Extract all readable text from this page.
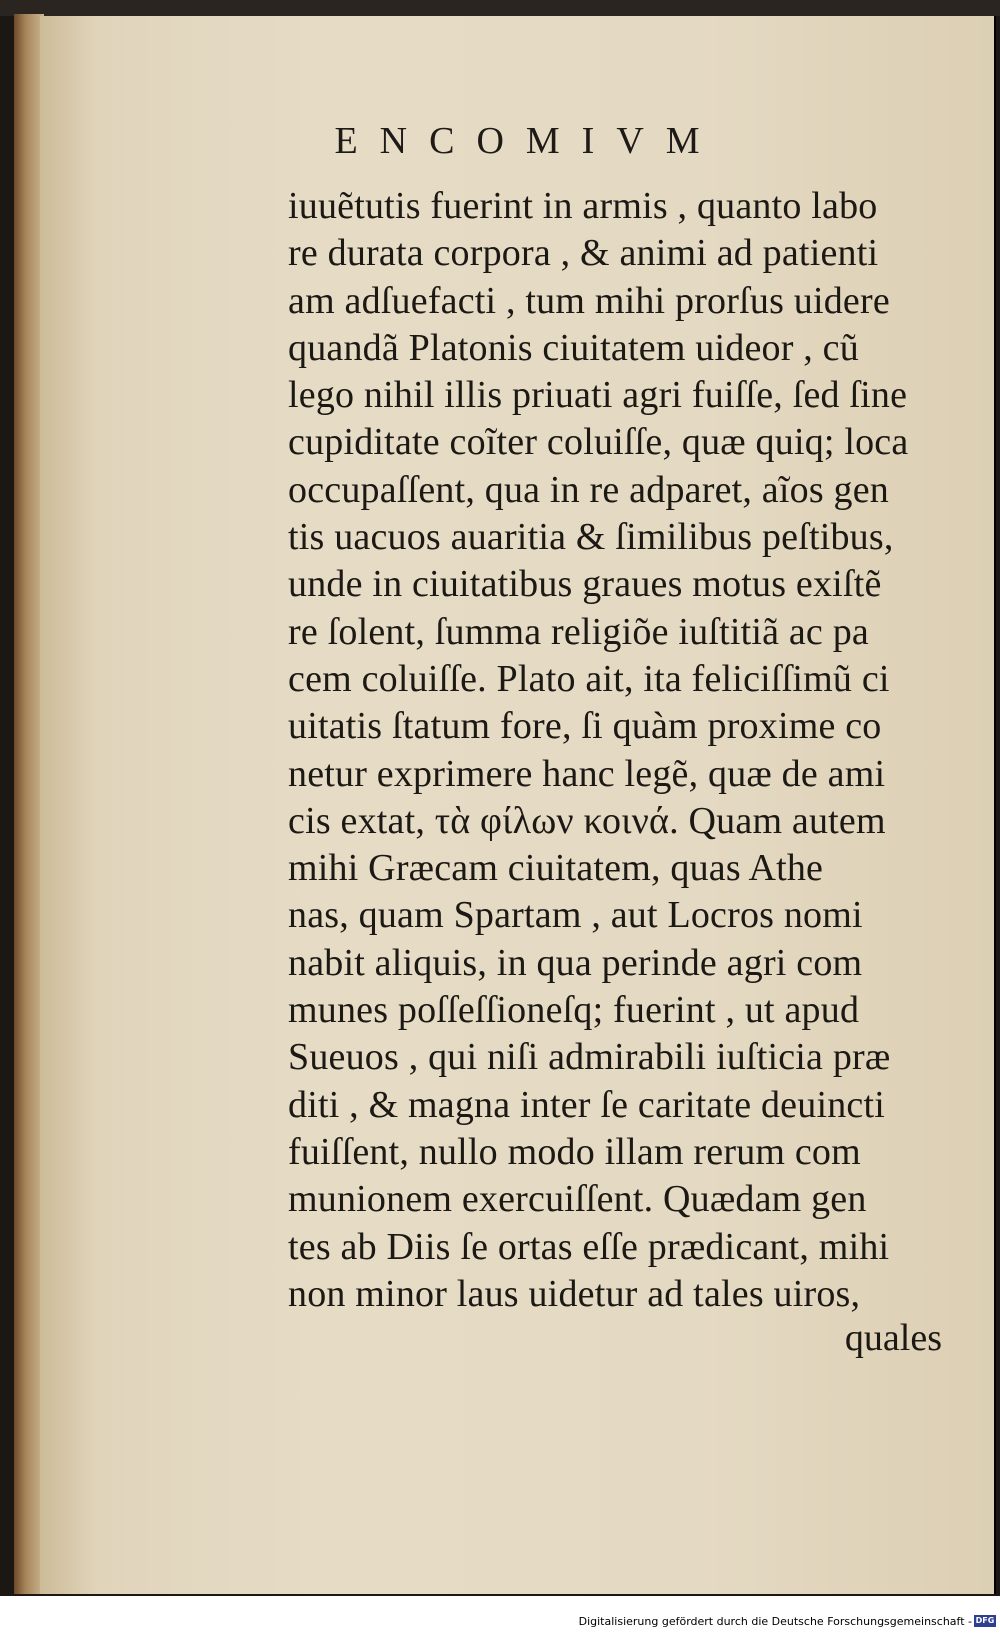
ENCOMIVM
iuuẽtutis fuerint in armis , quanto labo
re durata corpora , & animi ad patienti
am adſuefacti , tum mihi prorſus uidere
quandã Platonis ciuitatem uideor , cũ
lego nihil illis priuati agri fuiſſe, ſed ſine
cupiditate coĩter coluiſſe, quæ quiq; loca
occupaſſent, qua in re adparet, aĩos gen
tis uacuos auaritia & ſimilibus peſtibus,
unde in ciuitatibus graues motus exiſtẽ
re ſolent, ſumma religiõe iuſtitiã ac pa
cem coluiſſe. Plato ait, ita feliciſſimũ ci
uitatis ſtatum fore, ſi quàm proxime co
netur exprimere hanc legẽ, quæ de ami
cis extat, τὰ φίλων κοινά. Quam autem
mihi Græcam ciuitatem, quas Athe
nas, quam Spartam , aut Locros nomi
nabit aliquis, in qua perinde agri com
munes poſſeſſioneſq; fuerint , ut apud
Sueuos , qui niſi admirabili iuſticia præ
diti , & magna inter ſe caritate deuincti
fuiſſent, nullo modo illam rerum com
munionem exercuiſſent. Quædam gen
tes ab Diis ſe ortas eſſe prædicant, mihi
non minor laus uidetur ad tales uiros,
quales
Digitalisierung gefördert durch die Deutsche Forschungsgemeinschaft - DFG
